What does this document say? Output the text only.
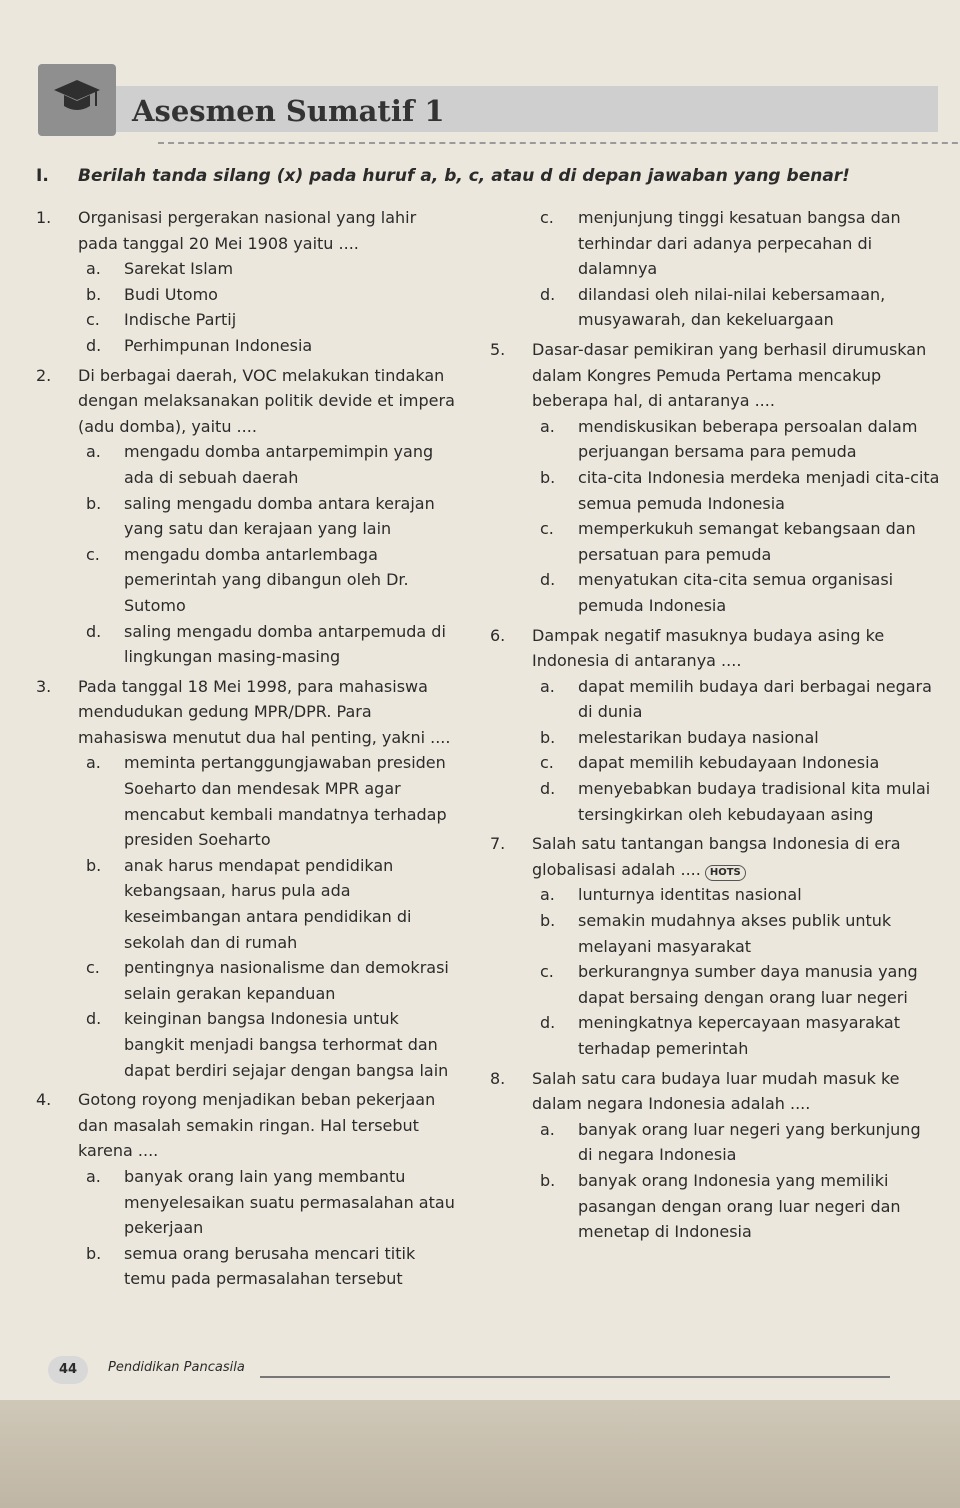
Asesmen Sumatif 1
I. Berilah tanda silang (x) pada huruf a, b, c, atau d di depan jawaban yang benar!
1.	Organisasi pergerakan nasional yang lahir pada tanggal 20 Mei 1908 yaitu ....
a.	Sarekat Islam
b.	Budi Utomo
c.	Indische Partij
d.	Perhimpunan Indonesia
2.	Di berbagai daerah, VOC melakukan tindakan dengan melaksanakan politik devide et impera (adu domba), yaitu ....
a.	mengadu domba antarpemimpin yang ada di sebuah daerah
b.	saling mengadu domba antara kerajan yang satu dan kerajaan yang lain
c.	mengadu domba antarlembaga pemerintah yang dibangun oleh Dr. Sutomo
d.	saling mengadu domba antarpemuda di lingkungan masing-masing
3.	Pada tanggal 18 Mei 1998, para mahasiswa mendudukan gedung MPR/DPR. Para mahasiswa menutut dua hal penting, yakni ....
a.	meminta pertanggungjawaban presiden Soeharto dan mendesak MPR agar mencabut kembali mandatnya terhadap presiden Soeharto
b.	anak harus mendapat pendidikan kebangsaan, harus pula ada keseimbangan antara pendidikan di sekolah dan di rumah
c.	pentingnya nasionalisme dan demokrasi selain gerakan kepanduan
d.	keinginan bangsa Indonesia untuk bangkit menjadi bangsa terhormat dan dapat berdiri sejajar dengan bangsa lain
4.	Gotong royong menjadikan beban pekerjaan dan masalah semakin ringan. Hal tersebut karena ....
a.	banyak orang lain yang membantu menyelesaikan suatu permasalahan atau pekerjaan
b.	semua orang berusaha mencari titik temu pada permasalahan tersebut
c.	menjunjung tinggi kesatuan bangsa dan terhindar dari adanya perpecahan di dalamnya
d.	dilandasi oleh nilai-nilai kebersamaan, musyawarah, dan kekeluargaan
5.	Dasar-dasar pemikiran yang berhasil dirumuskan dalam Kongres Pemuda Pertama mencakup beberapa hal, di antaranya ....
a.	mendiskusikan beberapa persoalan dalam perjuangan bersama para pemuda
b.	cita-cita Indonesia merdeka menjadi cita-cita semua pemuda Indonesia
c.	memperkukuh semangat kebangsaan dan persatuan para pemuda
d.	menyatukan cita-cita semua organisasi pemuda Indonesia
6.	Dampak negatif masuknya budaya asing ke Indonesia di antaranya ....
a.	dapat memilih budaya dari berbagai negara di dunia
b.	melestarikan budaya nasional
c.	dapat memilih kebudayaan Indonesia
d.	menyebabkan budaya tradisional kita mulai tersingkirkan oleh kebudayaan asing
7.	Salah satu tantangan bangsa Indonesia di era globalisasi adalah .... HOTS
a.	lunturnya identitas nasional
b.	semakin mudahnya akses publik untuk melayani masyarakat
c.	berkurangnya sumber daya manusia yang dapat bersaing dengan orang luar negeri
d.	meningkatnya kepercayaan masyarakat terhadap pemerintah
8.	Salah satu cara budaya luar mudah masuk ke dalam negara Indonesia adalah ....
a.	banyak orang luar negeri yang berkunjung di negara Indonesia
b.	banyak orang Indonesia yang memiliki pasangan dengan orang luar negeri dan menetap di Indonesia
44	Pendidikan Pancasila
